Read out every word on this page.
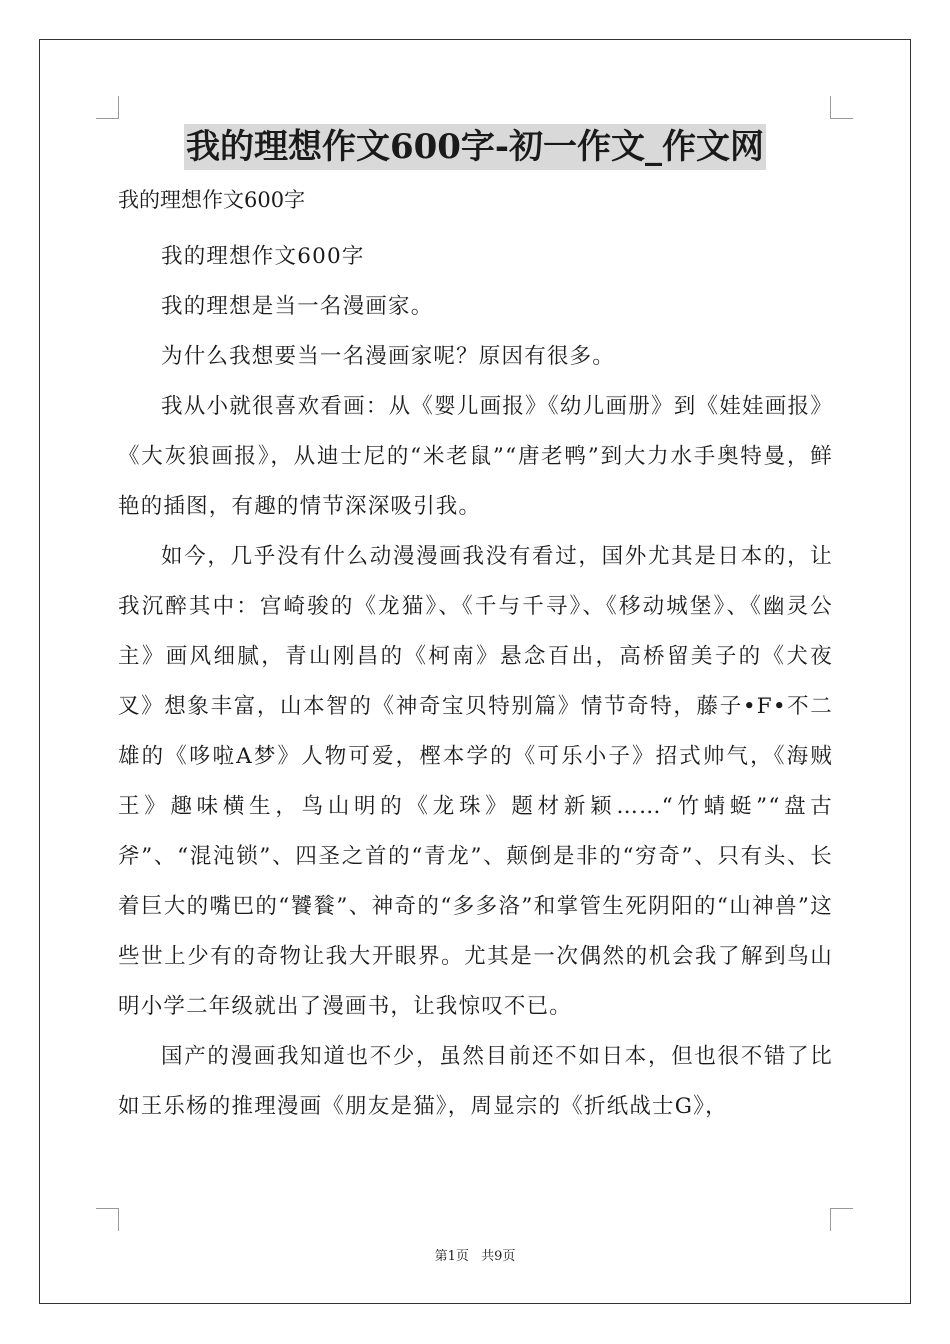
我的理想作文600字-初一作文_作文网
我的理想作文600字

我的理想作文600字

我的理想是当一名漫画家。

为什么我想要当一名漫画家呢？原因有很多。

我从小就很喜欢看画：从《婴儿画报》《幼儿画册》到《娃娃画报》《大灰狼画报》，从迪士尼的“米老鼠”“唐老鸭”到大力水手奥特曼，鲜艳的插图，有趣的情节深深吸引我。

如今，几乎没有什么动漫漫画我没有看过，国外尤其是日本的，让我沉醉其中：宫崎骏的《龙猫》、《千与千寻》、《移动城堡》、《幽灵公主》画风细腻，青山刚昌的《柯南》悬念百出，高桥留美子的《犬夜叉》想象丰富，山本智的《神奇宝贝特别篇》情节奇特，藤子•F•不二雄的《哆啦A梦》人物可爱，樫本学的《可乐小子》招式帅气，《海贼王》趣味横生，鸟山明的《龙珠》题材新颖……“竹蜻蜓”“盘古斧”、“混沌锁”、四圣之首的“青龙”、颠倒是非的“穷奇”、只有头、长着巨大的嘴巴的“饕餮”、神奇的“多多洛”和掌管生死阴阳的“山神兽”这些世上少有的奇物让我大开眼界。尤其是一次偶然的机会我了解到鸟山明小学二年级就出了漫画书，让我惊叹不已。

国产的漫画我知道也不少，虽然目前还不如日本，但也很不错了比如王乐杨的推理漫画《朋友是猫》，周显宗的《折纸战士G》，

第1页 共9页
